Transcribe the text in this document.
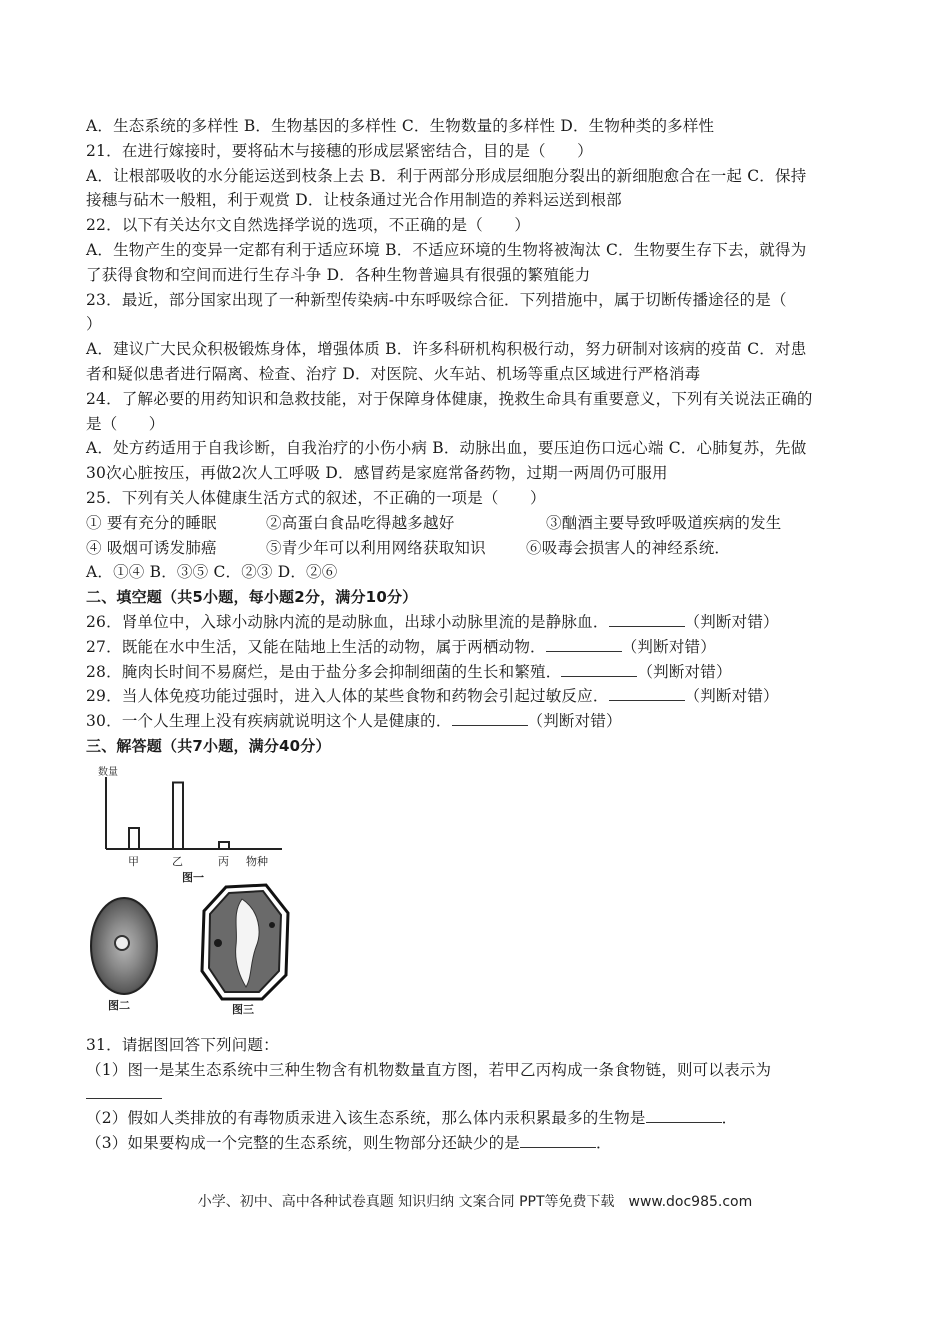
A．生态系统的多样性 B．生物基因的多样性 C．生物数量的多样性 D．生物种类的多样性
21．在进行嫁接时，要将砧木与接穗的形成层紧密结合，目的是（　　）
A．让根部吸收的水分能运送到枝条上去 B．利于两部分形成层细胞分裂出的新细胞愈合在一起 C．保持
接穗与砧木一般粗，利于观赏 D．让枝条通过光合作用制造的养料运送到根部
22．以下有关达尔文自然选择学说的选项，不正确的是（　　）
A．生物产生的变异一定都有利于适应环境 B．不适应环境的生物将被淘汰 C．生物要生存下去，就得为
了获得食物和空间而进行生存斗争 D．各种生物普遍具有很强的繁殖能力
23．最近，部分国家出现了一种新型传染病-中东呼吸综合征．下列措施中，属于切断传播途径的是（
）
A．建议广大民众积极锻炼身体，增强体质 B．许多科研机构积极行动，努力研制对该病的疫苗 C．对患
者和疑似患者进行隔离、检查、治疗 D．对医院、火车站、机场等重点区域进行严格消毒
24．了解必要的用药知识和急救技能，对于保障身体健康，挽救生命具有重要意义，下列有关说法正确的
是（　　）
A．处方药适用于自我诊断，自我治疗的小伤小病 B．动脉出血，要压迫伤口远心端 C．心肺复苏，先做
30次心脏按压，再做2次人工呼吸 D．感冒药是家庭常备药物，过期一两周仍可服用
25．下列有关人体健康生活方式的叙述，不正确的一项是（　　）
① 要有充分的睡眠	②高蛋白食品吃得越多越好	③酗酒主要导致呼吸道疾病的发生
④ 吸烟可诱发肺癌	⑤青少年可以利用网络获取知识	⑥吸毒会损害人的神经系统．
A．①④ B．③⑤ C．②③ D．②⑥
二、填空题（共5小题，每小题2分，满分10分）
26．肾单位中，入球小动脉内流的是动脉血，出球小动脉里流的是静脉血．	（判断对错）
27．既能在水中生活，又能在陆地上生活的动物，属于两栖动物．	（判断对错）
28．腌肉长时间不易腐烂，是由于盐分多会抑制细菌的生长和繁殖．	（判断对错）
29．当人体免疫功能过强时，进入人体的某些食物和药物会引起过敏反应．	（判断对错）
30．一个人生理上没有疾病就说明这个人是健康的．	（判断对错）
三、解答题（共7小题，满分40分）
数量
甲	乙	丙 物种
图一
图二	图三
31．请据图回答下列问题：
（1）图一是某生态系统中三种生物含有机物数量直方图，若甲乙丙构成一条食物链，则可以表示为
（2）假如人类排放的有毒物质汞进入该生态系统，那么体内汞积累最多的生物是	．
（3）如果要构成一个完整的生态系统，则生物部分还缺少的是	．
小学、初中、高中各种试卷真题 知识归纳 文案合同 PPT等免费下载　www.doc985.com
